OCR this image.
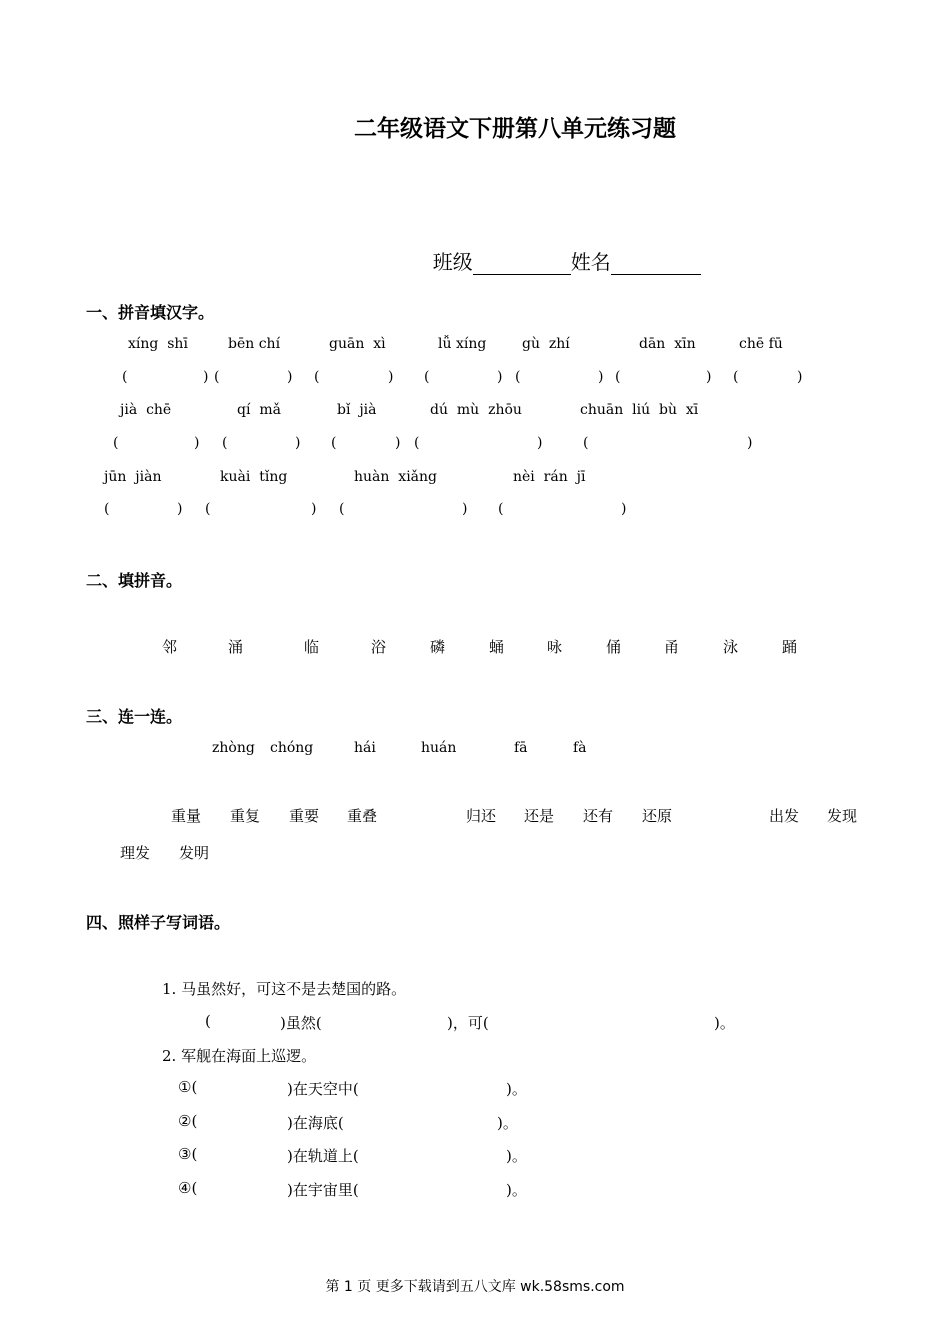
二年级语文下册第八单元练习题

班级	姓名

一、拼音填汉字。
xíng  shī	bēn chí	guān  xì	lǚ xíng	gù  zhí	dān  xīn	chē fū
(	) (	) (	) (	) (	) (	) (	)
jià  chē	qí  mǎ	bǐ  jià	dú  mù  zhōu	chuān  liú  bù  xī
(	) (	) (	) (	)	(	)
jūn  jiàn	kuài  tǐng	huàn  xiǎng	nèi  rán  jī
(	) (	) (	) (	)
二、填拼音。
邻	涌	临	浴	磷	蛹	咏	俑	甬	泳	踊
三、连一连。
zhòng chóng	hái	huán	fā	fà
重量 重复 重要 重叠	归还 还是 还有 还原	出发 发现
理发 发明
四、照样子写词语。
1. 马虽然好，可这不是去楚国的路。
(	)虽然(	)，可(	)。
2. 军舰在海面上巡逻。
①(	)在天空中(	)。
②(	)在海底(	)。
③(	)在轨道上(	)。
④(	)在宇宙里(	)。
第 1 页 更多下载请到五八文库 wk.58sms.com
